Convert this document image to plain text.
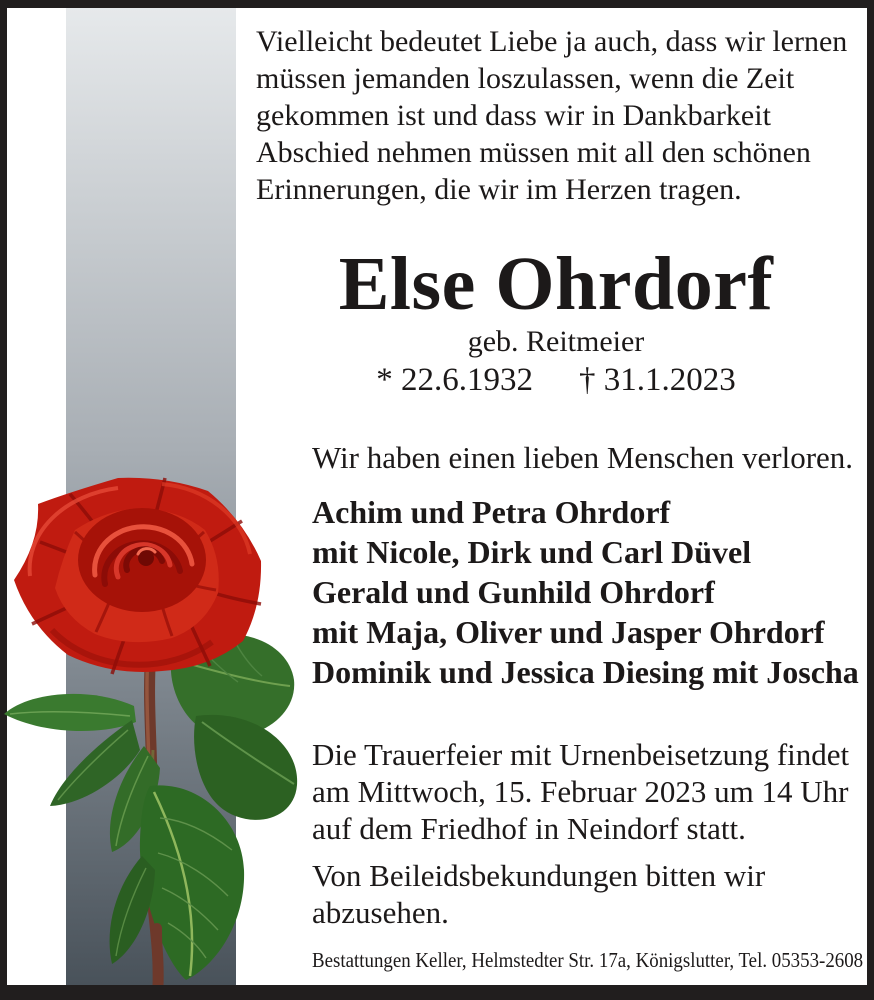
Vielleicht bedeutet Liebe ja auch, dass wir lernen
müssen jemanden loszulassen, wenn die Zeit
gekommen ist und dass wir in Dankbarkeit
Abschied nehmen müssen mit all den schönen
Erinnerungen, die wir im Herzen tragen.
Else Ohrdorf
geb. Reitmeier
* 22.6.1932 † 31.1.2023
Wir haben einen lieben Menschen verloren.
Achim und Petra Ohrdorf
mit Nicole, Dirk und Carl Düvel
Gerald und Gunhild Ohrdorf
mit Maja, Oliver und Jasper Ohrdorf
Dominik und Jessica Diesing mit Joscha
Die Trauerfeier mit Urnenbeisetzung findet
am Mittwoch, 15. Februar 2023 um 14 Uhr
auf dem Friedhof in Neindorf statt.
Von Beileidsbekundungen bitten wir
abzusehen.
Bestattungen Keller, Helmstedter Str. 17a, Königslutter, Tel. 05353-2608
